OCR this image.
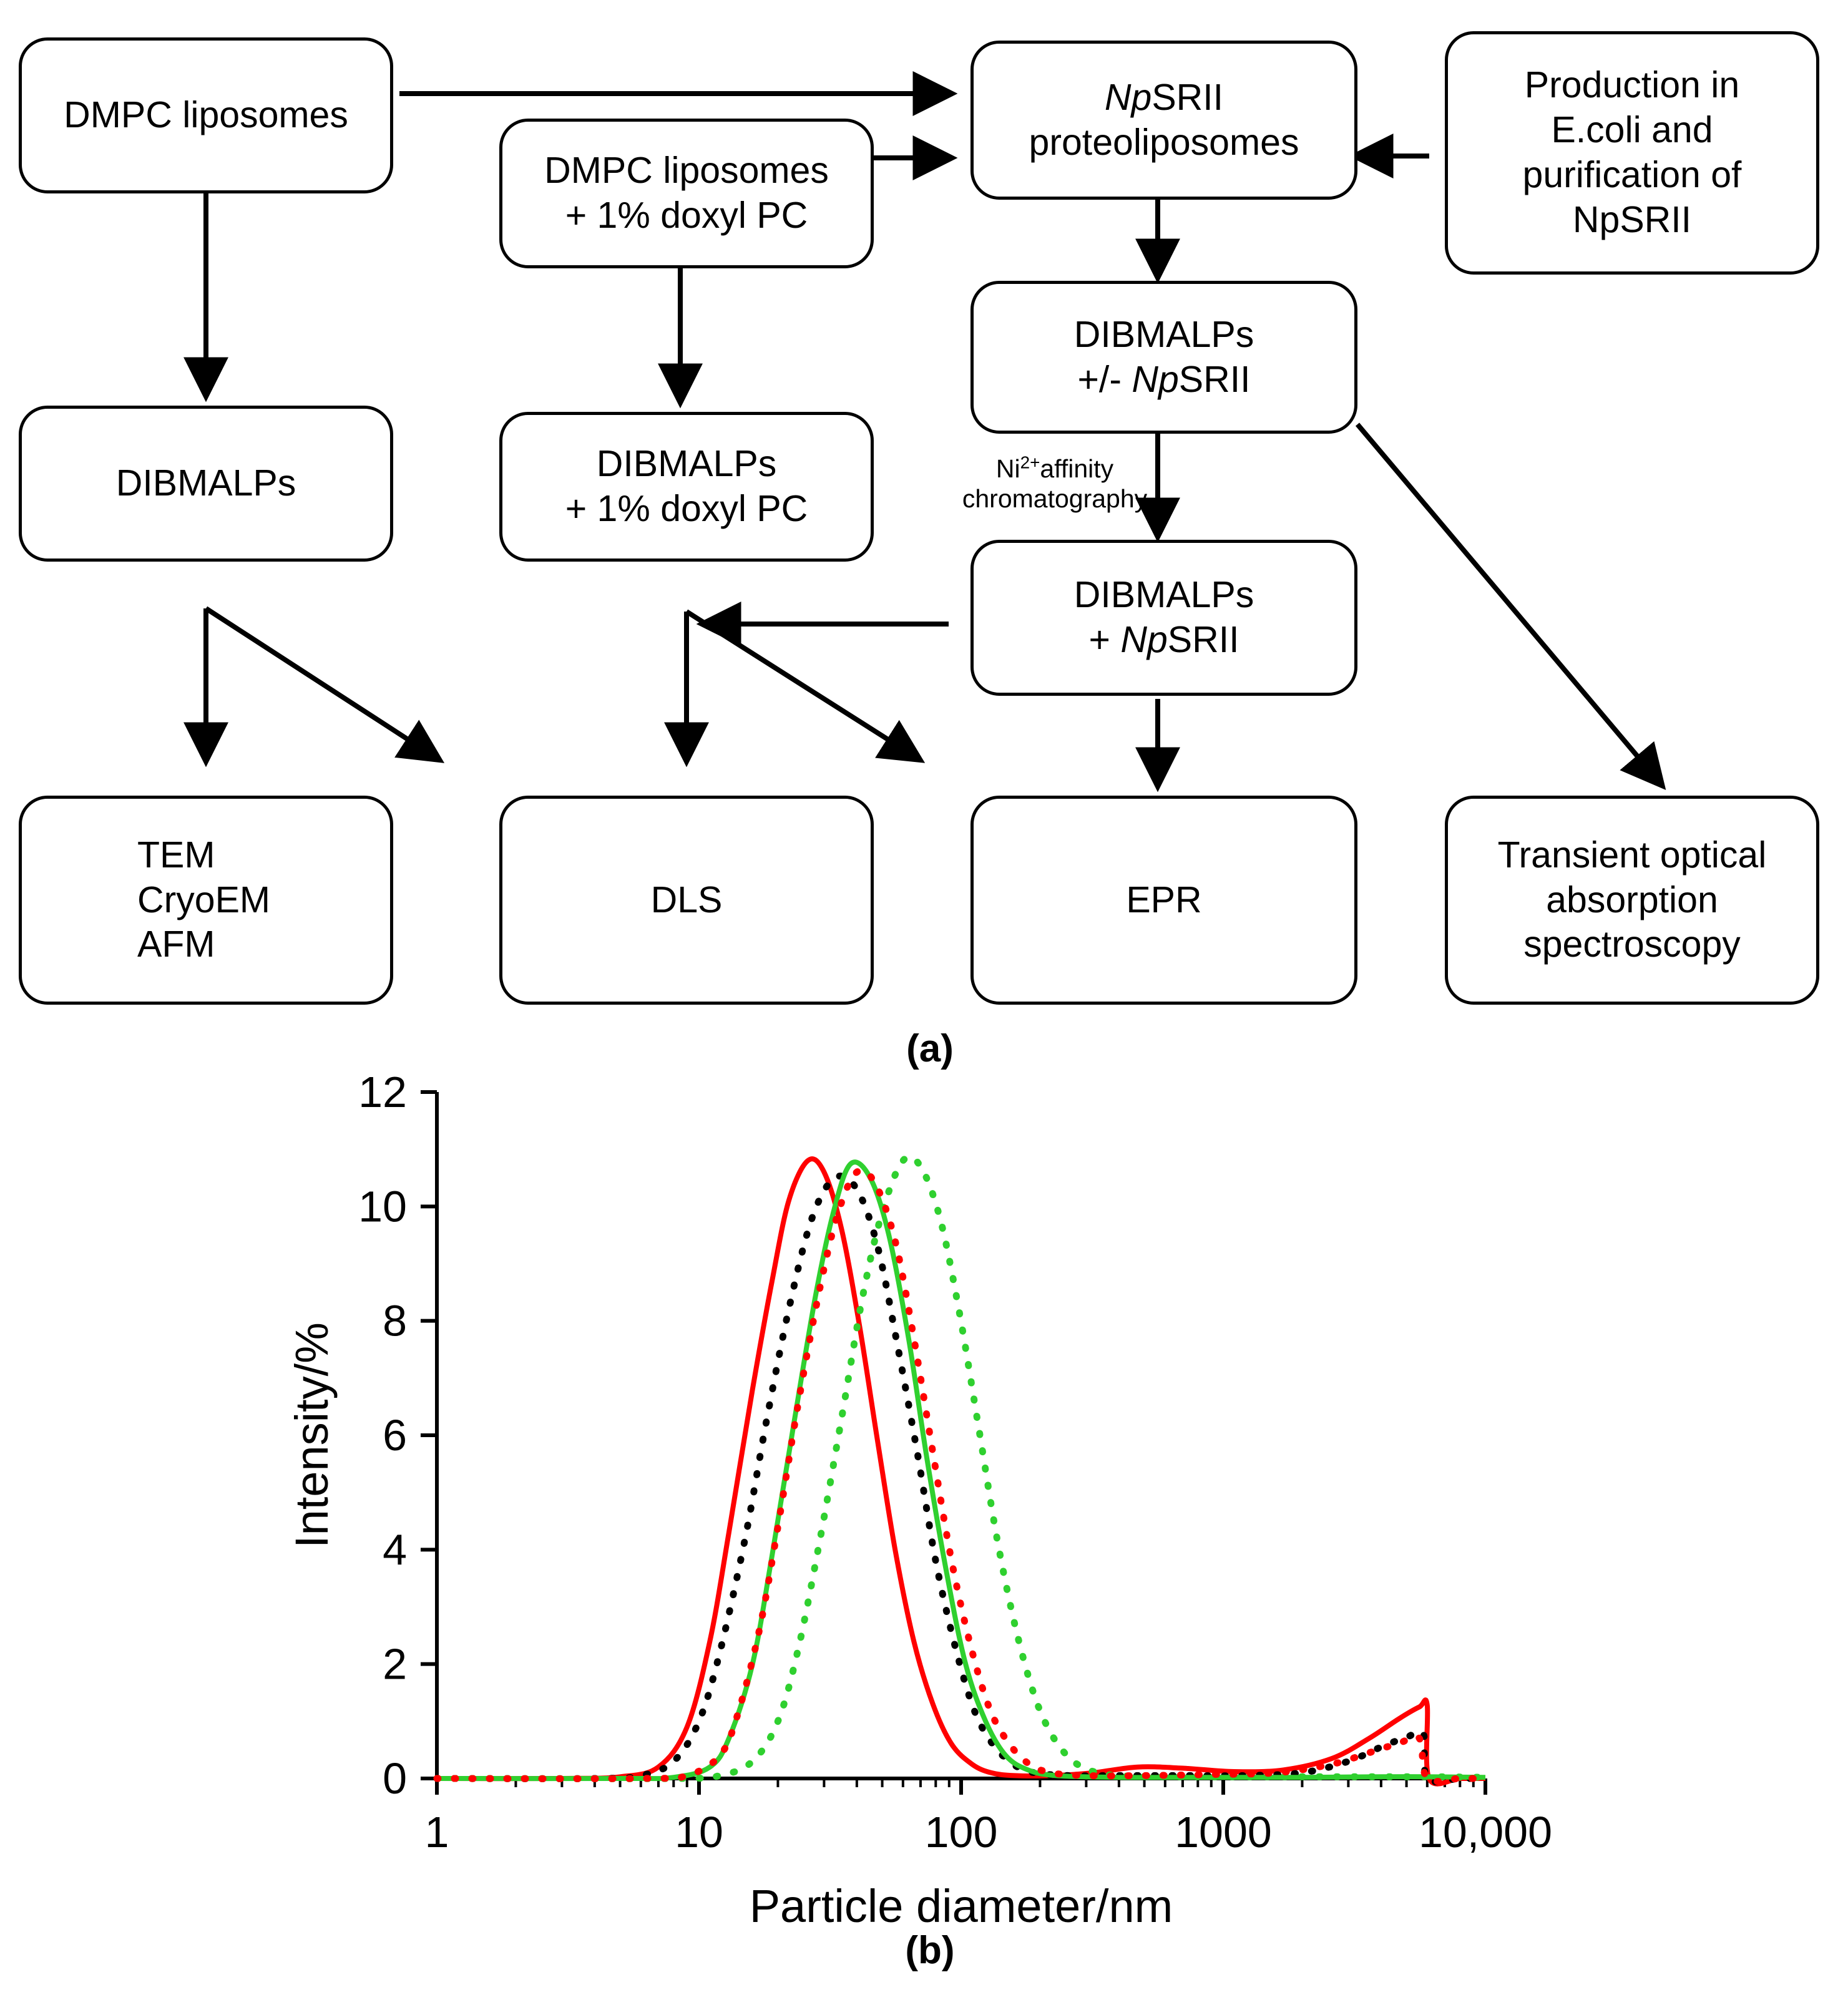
DMPC liposomes
DMPC liposomes
+ 1% doxyl PC
NpSRII
proteoliposomes
Production in
E.coli and
purification of
NpSRII
DIBMALPs	DIBMALPs
+ 1% doxyl PC
DIBMALPs
+/- NpSRII
DIBMALPs
+ NpSRII
$Ni^{2+}affinity$ chromatography
TEM
CryoEM
AFM
DLS	EPR
Transient optical
absorption
spectroscopy
(a)
1	10	100	1000	10,000
0
2
4
6
8
10
12
Particle diameter/nm
Intensity/%
(b)
